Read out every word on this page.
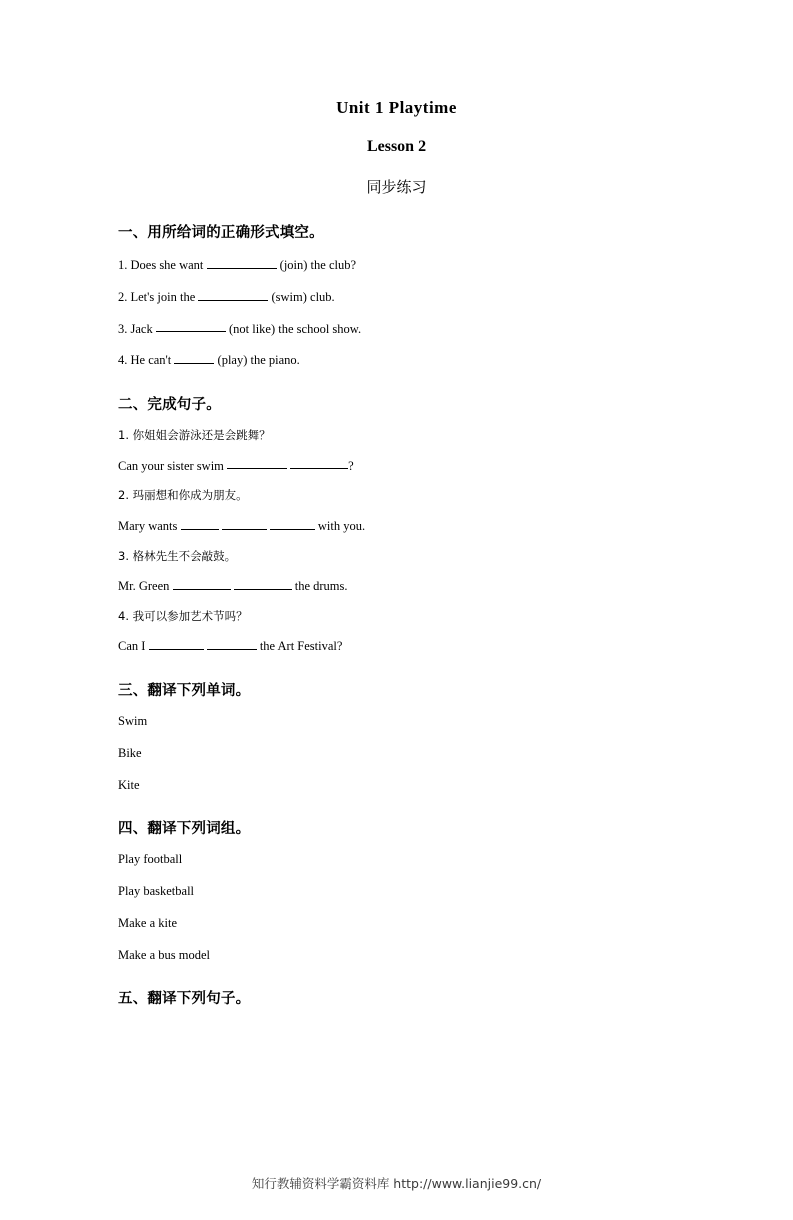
Unit 1 Playtime
Lesson 2
同步练习
一、用所给词的正确形式填空。
1. Does she want	(join) the club?
2. Let's join the	(swim) club.
3. Jack	(not like) the school show.
4. He can't	(play) the piano.
二、完成句子。
1. 你姐姐会游泳还是会跳舞？
Can your sister swim	?
2. 玛丽想和你成为朋友。
Mary wants	with you.
3. 格林先生不会敲鼓。
Mr. Green	the drums.
4. 我可以参加艺术节吗？
Can I	the Art Festival?
三、翻译下列单词。
Swim
Bike
Kite
四、翻译下列词组。
Play football
Play basketball
Make a kite
Make a bus model
五、翻译下列句子。
知行教辅资料学霸资料库 http://www.lianjie99.cn/
